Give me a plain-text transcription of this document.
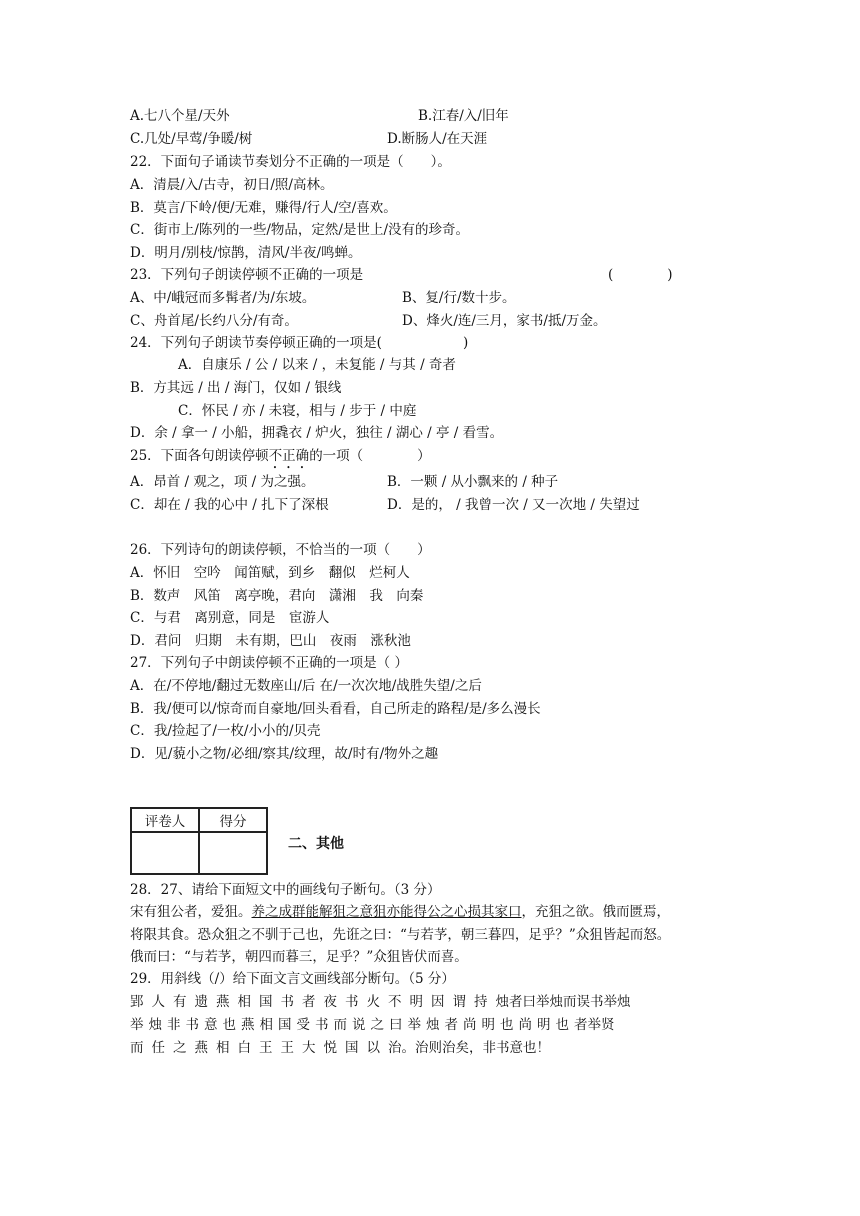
A.七八个星/天外	B.江春/入/旧年
C.几处/早莺/争暖/树	D.断肠人/在天涯
22．下面句子诵读节奏划分不正确的一项是（　　）。
A．清晨/入/古寺，初日/照/高林。
B．莫言/下岭/便/无难，赚得/行人/空/喜欢。
C．街市上/陈列的一些/物品，定然/是世上/没有的珍奇。
D．明月/别枝/惊鹊，清风/半夜/鸣蝉。
23．下列句子朗读停顿不正确的一项是	(　　　　)
A、中/峨冠而多髯者/为/东坡。	B、复/行/数十步。
C、舟首尾/长约八分/有奇。	D、烽火/连/三月，家书/抵/万金。
24．下列句子朗读节奏停顿正确的一项是(　　　　　　)
A．自康乐 / 公 / 以来 / ，未复能 / 与其 / 奇者
B．方其远 / 出 / 海门，仅如 / 银线
C．怀民 / 亦 / 未寝，相与 / 步于 / 中庭
D．余 / 拿一 / 小船，拥毳衣 / 炉火，独往 / 湖心 / 亭 / 看雪。
25．下面各句朗读停顿不正确的一项（　　　　）
A．昂首 / 观之，项 / 为之强。	B．一颗 / 从小飘来的 / 种子
C．却在 / 我的心中 / 扎下了深根	D．是的， / 我曾一次 / 又一次地 / 失望过
26．下列诗句的朗读停顿，不恰当的一项（　　）
A．怀旧　空吟　闻笛赋，到乡　翻似　烂柯人
B．数声　风笛　离亭晚，君向　潇湘　我　向秦
C．与君　离别意，同是　宦游人
D．君问　归期　未有期，巴山　夜雨　涨秋池
27．下列句子中朗读停顿不正确的一项是（ ）
A．在/不停地/翻过无数座山/后 在/一次次地/战胜失望/之后
B．我/便可以/惊奇而自豪地/回头看看，自己所走的路程/是/多么漫长
C．我/捡起了/一枚/小小的/贝壳
D．见/藐小之物/必细/察其/纹理，故/时有/物外之趣
评卷人	得分

二、其他
28．27、请给下面短文中的画线句子断句。（3 分）
宋有狙公者，爱狙。养之成群能解狙之意狙亦能得公之心损其家口，充狙之欲。俄而匮焉，
将限其食。恐众狙之不驯于己也，先诳之曰：“与若芧，朝三暮四，足乎？”众狙皆起而怒。
俄而曰：“与若芧，朝四而暮三，足乎？”众狙皆伏而喜。
29．用斜线（/）给下面文言文画线部分断句。（5 分）
郢人有遗燕相国书者夜书火不明因谓持烛者曰举烛而误书举烛
举烛非书意也燕相国受书而说之曰举烛者尚明也尚明也者举贤
而任之燕相白王王大悦国以治。治则治矣，非书意也！
